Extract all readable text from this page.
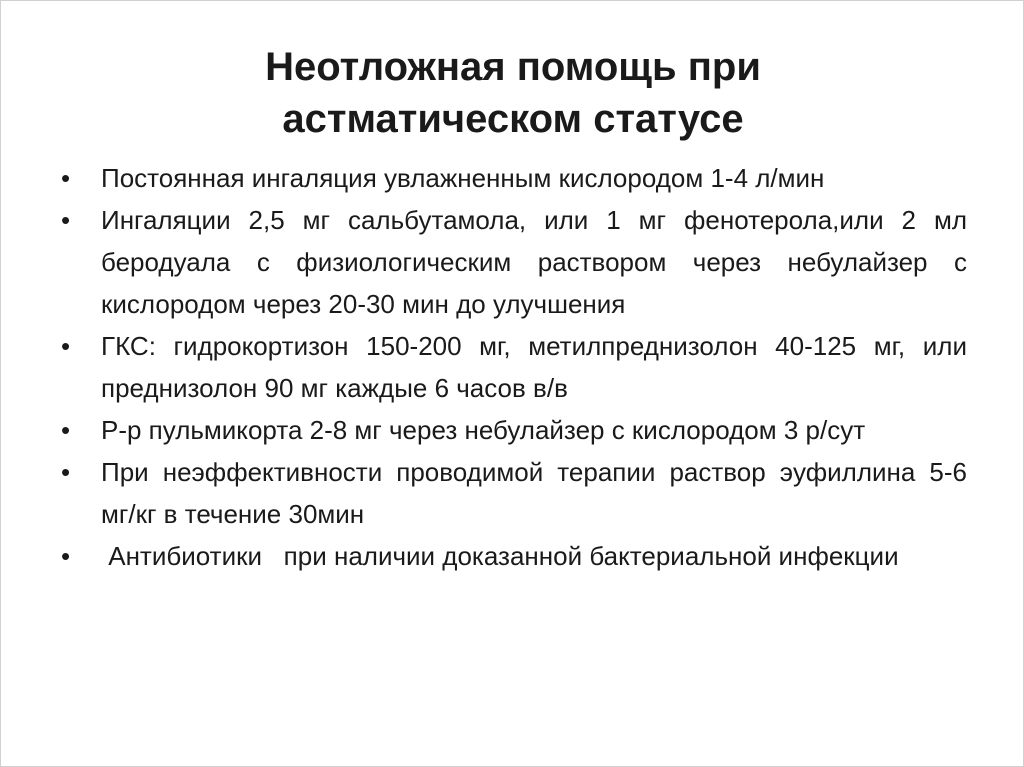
Неотложная помощь при
астматическом статусе
• Постоянная ингаляция увлажненным кислородом 1-4 л/мин
• Ингаляции 2,5 мг сальбутамола, или 1 мг фенотерола,или 2 мл беродуала с физиологическим раствором через небулайзер с кислородом через 20-30 мин до улучшения
• ГКС: гидрокортизон 150-200 мг, метилпреднизолон 40-125 мг, или преднизолон 90 мг каждые 6 часов в/в
• Р-р пульмикорта 2-8 мг через небулайзер с кислородом 3 р/сут
• При неэффективности проводимой терапии раствор эуфиллина 5-6 мг/кг в течение 30мин
• Антибиотики   при наличии доказанной бактериальной инфекции
